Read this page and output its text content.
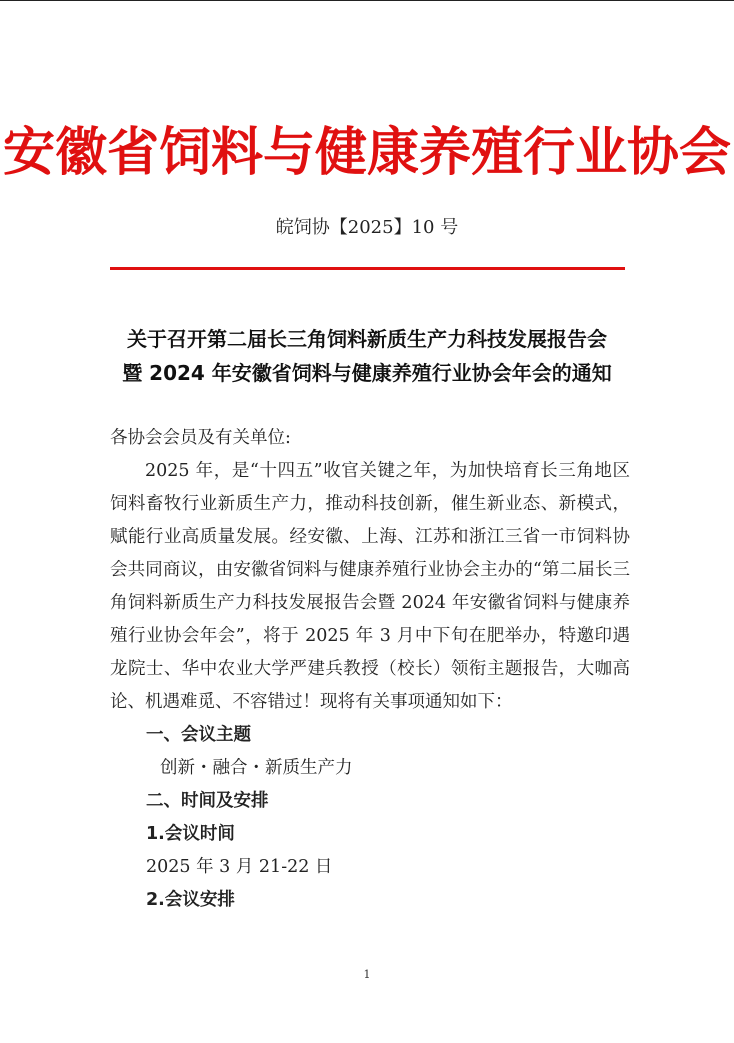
安徽省饲料与健康养殖行业协会
皖饲协【2025】10 号
关于召开第二届长三角饲料新质生产力科技发展报告会
暨 2024 年安徽省饲料与健康养殖行业协会年会的通知

各协会会员及有关单位:

2025 年，是“十四五”收官关键之年，为加快培育长三角地区饲料畜牧行业新质生产力，推动科技创新，催生新业态、新模式，赋能行业高质量发展。经安徽、上海、江苏和浙江三省一市饲料协会共同商议，由安徽省饲料与健康养殖行业协会主办的“第二届长三角饲料新质生产力科技发展报告会暨 2024 年安徽省饲料与健康养殖行业协会年会”，将于 2025 年 3 月中下旬在肥举办，特邀印遇龙院士、华中农业大学严建兵教授（校长）领衔主题报告，大咖高论、机遇难觅、不容错过！现将有关事项通知如下：

一、会议主题

创新・融合・新质生产力

二、时间及安排

1.会议时间

2025 年 3 月 21-22 日

2.会议安排

1
